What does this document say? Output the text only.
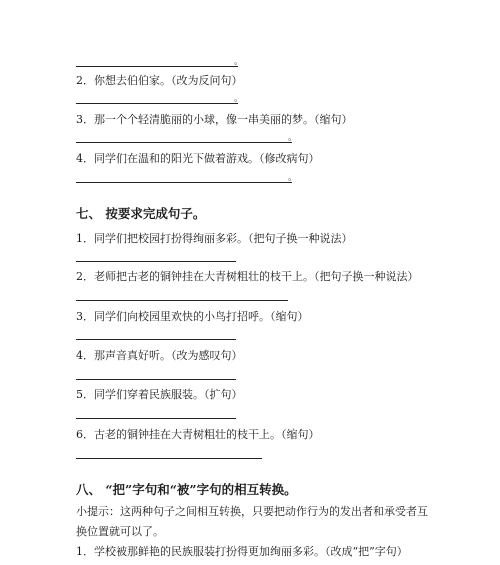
。
2．你想去伯伯家。（改为反问句）
。
3．那一个个轻清脆丽的小球，像一串美丽的梦。（缩句）
。
4．同学们在温和的阳光下做着游戏。（修改病句）
。
七、 按要求完成句子。
1．同学们把校园打扮得绚丽多彩。（把句子换一种说法）
2．老师把古老的铜钟挂在大青树粗壮的枝干上。（把句子换一种说法）
3．同学们向校园里欢快的小鸟打招呼。（缩句）
4．那声音真好听。（改为感叹句）
5．同学们穿着民族服装。（扩句）
6．古老的铜钟挂在大青树粗壮的枝干上。（缩句）
八、 “把”字句和“被”字句的相互转换。
小提示：这两种句子之间相互转换，只要把动作行为的发出者和承受者互换位置就可以了。
1．学校被那鲜艳的民族服装打扮得更加绚丽多彩。（改成“把”字句）
